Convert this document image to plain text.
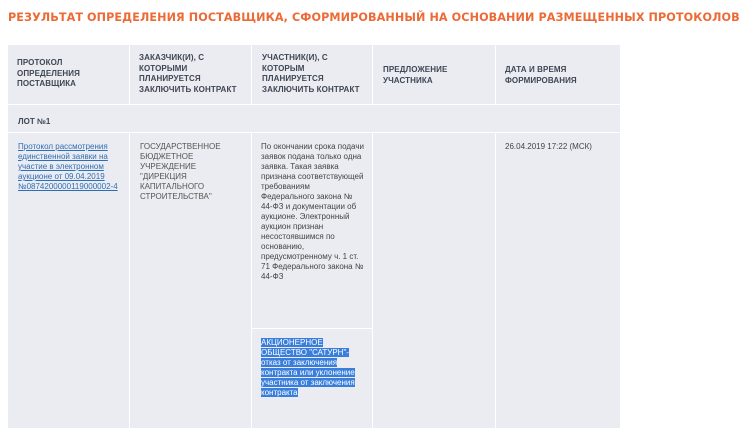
РЕЗУЛЬТАТ ОПРЕДЕЛЕНИЯ ПОСТАВЩИКА, СФОРМИРОВАННЫЙ НА ОСНОВАНИИ РАЗМЕЩЕННЫХ ПРОТОКОЛОВ
ПРОТОКОЛ ОПРЕДЕЛЕНИЯ ПОСТАВЩИКА
ЗАКАЗЧИК(И), С КОТОРЫМИ ПЛАНИРУЕТСЯ ЗАКЛЮЧИТЬ КОНТРАКТ
УЧАСТНИК(И), С КОТОРЫМ ПЛАНИРУЕТСЯ ЗАКЛЮЧИТЬ КОНТРАКТ
ПРЕДЛОЖЕНИЕ УЧАСТНИКА
ДАТА И ВРЕМЯ ФОРМИРОВАНИЯ
ЛОТ №1
Протокол рассмотрения единственной заявки на участие в электронном аукционе от 09.04.2019 №0874200000119000002-4
ГОСУДАРСТВЕННОЕ БЮДЖЕТНОЕ УЧРЕЖДЕНИЕ "ДИРЕКЦИЯ КАПИТАЛЬНОГО СТРОИТЕЛЬСТВА"
По окончании срока подачи заявок подана только одна заявка. Такая заявка признана соответствующей требованиям Федерального закона № 44-ФЗ и документации об аукционе. Электронный аукцион признан несостоявшимся по основанию, предусмотренному ч. 1 ст. 71 Федерального закона № 44-ФЗ
АКЦИОНЕРНОЕ ОБЩЕСТВО "САТУРН"- отказ от заключения контракта или уклонение участника от заключения контракта
26.04.2019 17:22 (МСК)
